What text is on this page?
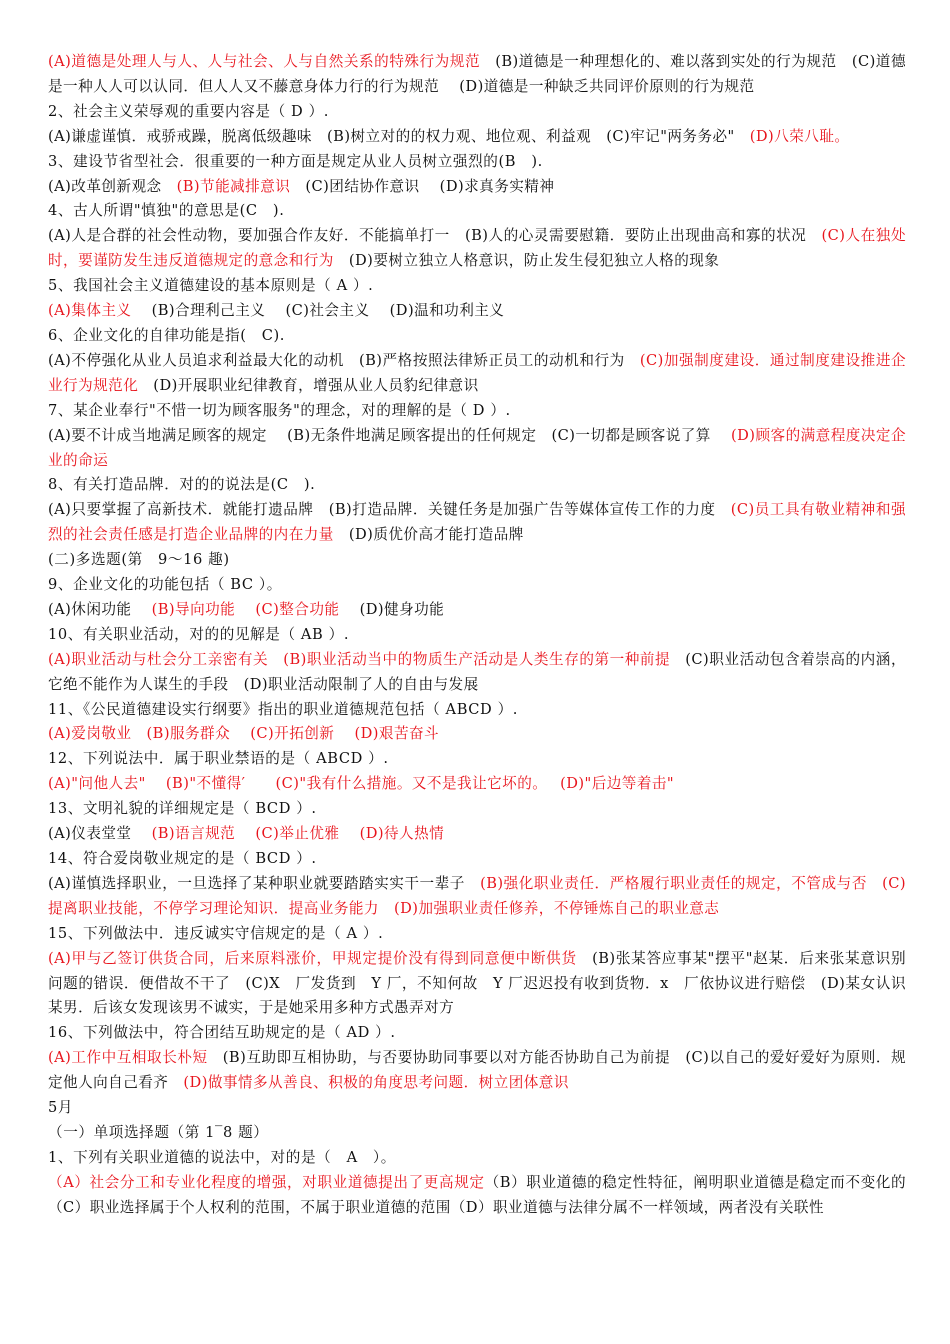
(A)道德是处理人与人、人与社会、人与自然关系的特殊行为规范　(B)道德是一种理想化的、难以落到实处的行为规范　(C)道德是一种人人可以认同．但人人又不藤意身体力行的行为规范　 (D)道德是一种缺乏共同评价原则的行为规范

2、社会主义荣辱观的重要内容是（ D ）.

(A)谦虚谨慎．戒骄戒躁，脱离低级趣味　(B)树立对的的权力观、地位观、利益观　(C)牢记"两务务必"　(D)八荣八耻。

3、建设节省型社会．很重要的一种方面是规定从业人员树立强烈的(B　).

(A)改革创新观念　(B)节能减排意识　(C)团结协作意识　 (D)求真务实精神

4、古人所谓"慎独"的意思是(C　).

(A)人是合群的社会性动物，要加强合作友好．不能搞单打一　(B)人的心灵需要慰籍．要防止出现曲高和寡的状况　(C)人在独处时，要谨防发生违反道德规定的意念和行为　(D)要树立独立人格意识，防止发生侵犯独立人格的现象

5、我国社会主义道德建设的基本原则是（ A ）.

(A)集体主义　 (B)合理利己主义　 (C)社会主义　 (D)温和功利主义

6、企业文化的自律功能是指(　C).

(A)不停强化从业人员追求利益最大化的动机　(B)严格按照法律矫正员工的动机和行为　(C)加强制度建设．通过制度建设推进企业行为规范化　(D)开展职业纪律教育，增强从业人员豹纪律意识

7、某企业奉行"不惜一切为顾客服务"的理念，对的理解的是（ D ）.

(A)要不计成当地满足顾客的规定　 (B)无条件地满足顾客提出的任何规定　(C)一切都是顾客说了算　 (D)顾客的满意程度决定企业的命运

8、有关打造品牌．对的的说法是(C　).

(A)只要掌握了高新技术．就能打遗品牌　(B)打造品牌．关键任务是加强广告等媒体宣传工作的力度　(C)员工具有敬业精神和强烈的社会责任感是打造企业品牌的内在力量　(D)质优价高才能打造品牌

(二)多选题(第　9～16 趣)

9、企业文化的功能包括（ BC ）。

(A)休闲功能　 (B)导向功能　 (C)整合功能　 (D)健身功能

10、有关职业活动，对的的见解是（ AB ）.

(A)职业活动与杜会分工亲密有关　(B)职业活动当中的物质生产活动是人类生存的第一种前提　(C)职业活动包含着崇高的内涵，它绝不能作为人谋生的手段　(D)职业活动限制了人的自由与发展

11、《公民道德建设实行纲要》指出的职业道德规范包括（ ABCD ）.

(A)爱岗敬业　(B)服务群众　 (C)开拓创新　 (D)艰苦奋斗

12、下列说法中．属于职业禁语的是（ ABCD ）.

(A)"问他人去"　 (B)"不懂得′　　(C)"我有什么措施。又不是我让它坏的。　 (D)"后边等着击"

13、文明礼貌的详细规定是（ BCD ）.

(A)仪表堂堂　 (B)语言规范　 (C)举止优雅　 (D)待人热情

14、符合爱岗敬业规定的是（ BCD ）.

(A)谨慎选择职业，一旦选择了某种职业就要踏踏实实干一辈子　(B)强化职业责任．严格履行职业责任的规定，不管成与否　(C)提离职业技能，不停学习理论知识．提高业务能力　(D)加强职业责任修养，不停锤炼自己的职业意志

15、下列做法中．违反诚实守信规定的是（ A ）.

(A)甲与乙签订供货合同，后来原料涨价，甲规定提价没有得到同意便中断供货　(B)张某答应事某"摆平"赵某．后来张某意识别问题的错误．便借故不干了　(C)X　厂发货到　Y 厂，不知何故　Y 厂迟迟投有收到货物．x　厂依协议进行赔偿　(D)某女认识某男．后该女发现该男不诚实，于是她采用多种方式愚弄对方

16、下列做法中，符合团结互助规定的是（ AD ）.

(A)工作中互相取长朴短　(B)互助即互相协助，与否要协助同事要以对方能否协助自己为前提　(C)以自己的爱好爱好为原则．规定他人向自己看齐　(D)做事情多从善良、积极的角度思考问题．树立团体意识

5月

（一）单项选择题（第 1‾8 题）

1、下列有关职业道德的说法中，对的是（　A　）。

（A）社会分工和专业化程度的增强，对职业道德提出了更高规定（B）职业道德的稳定性特征，阐明职业道德是稳定而不变化的（C）职业选择属于个人权利的范围，不属于职业道德的范围（D）职业道德与法律分属不一样领域，两者没有关联性
